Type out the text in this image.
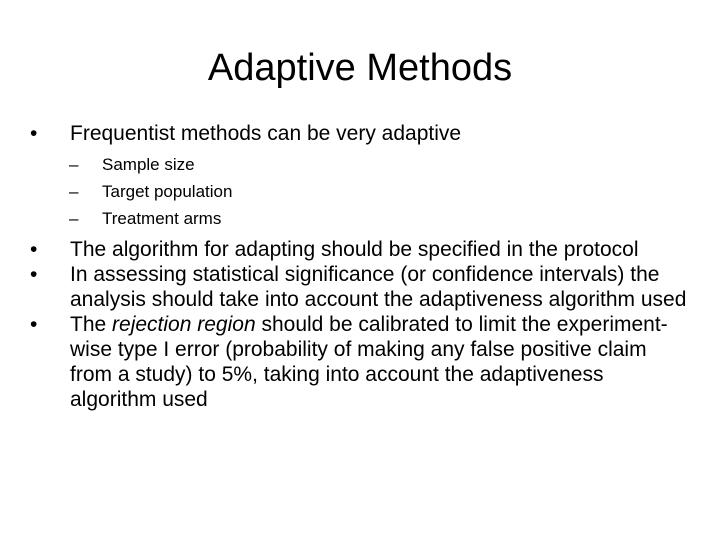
Adaptive Methods
•	Frequentist methods can be very adaptive
–	Sample size
–	Target population
–	Treatment arms
•	The algorithm for adapting should be specified in the protocol
•	In assessing statistical significance (or confidence intervals) the analysis should take into account the adaptiveness algorithm used
•	The rejection region should be calibrated to limit the experiment-wise type I error (probability of making any false positive claim from a study) to 5%, taking into account the adaptiveness algorithm used
